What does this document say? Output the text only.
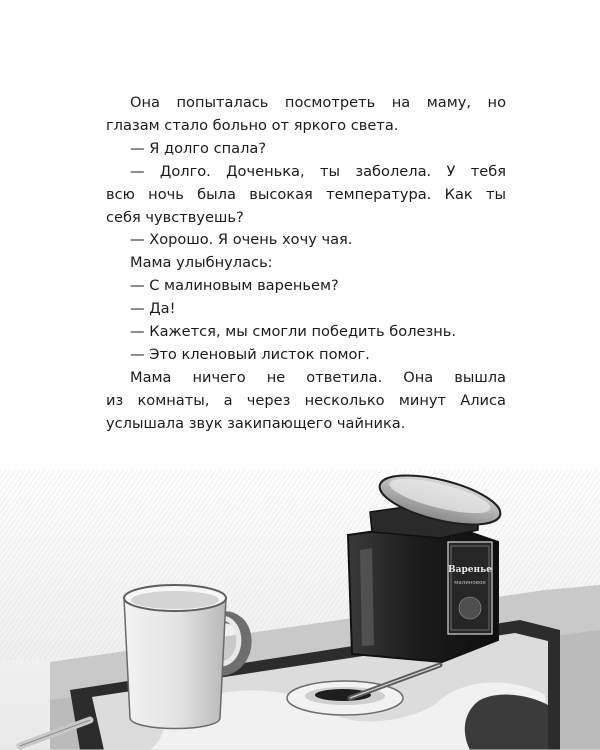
Она попыталась посмотреть на маму, но
глазам стало больно от яркого света.
— Я долго спала?
— Долго. Доченька, ты заболела. У тебя
всю ночь была высокая температура. Как ты
себя чувствуешь?
— Хорошо. Я очень хочу чая.
Мама улыбнулась:
— С малиновым вареньем?
— Да!
— Кажется, мы смогли победить болезнь.
— Это кленовый листок помог.
Мама ничего не ответила. Она вышла
из комнаты, а через несколько минут Алиса
услышала звук закипающего чайника.
Варенье
малиновое
